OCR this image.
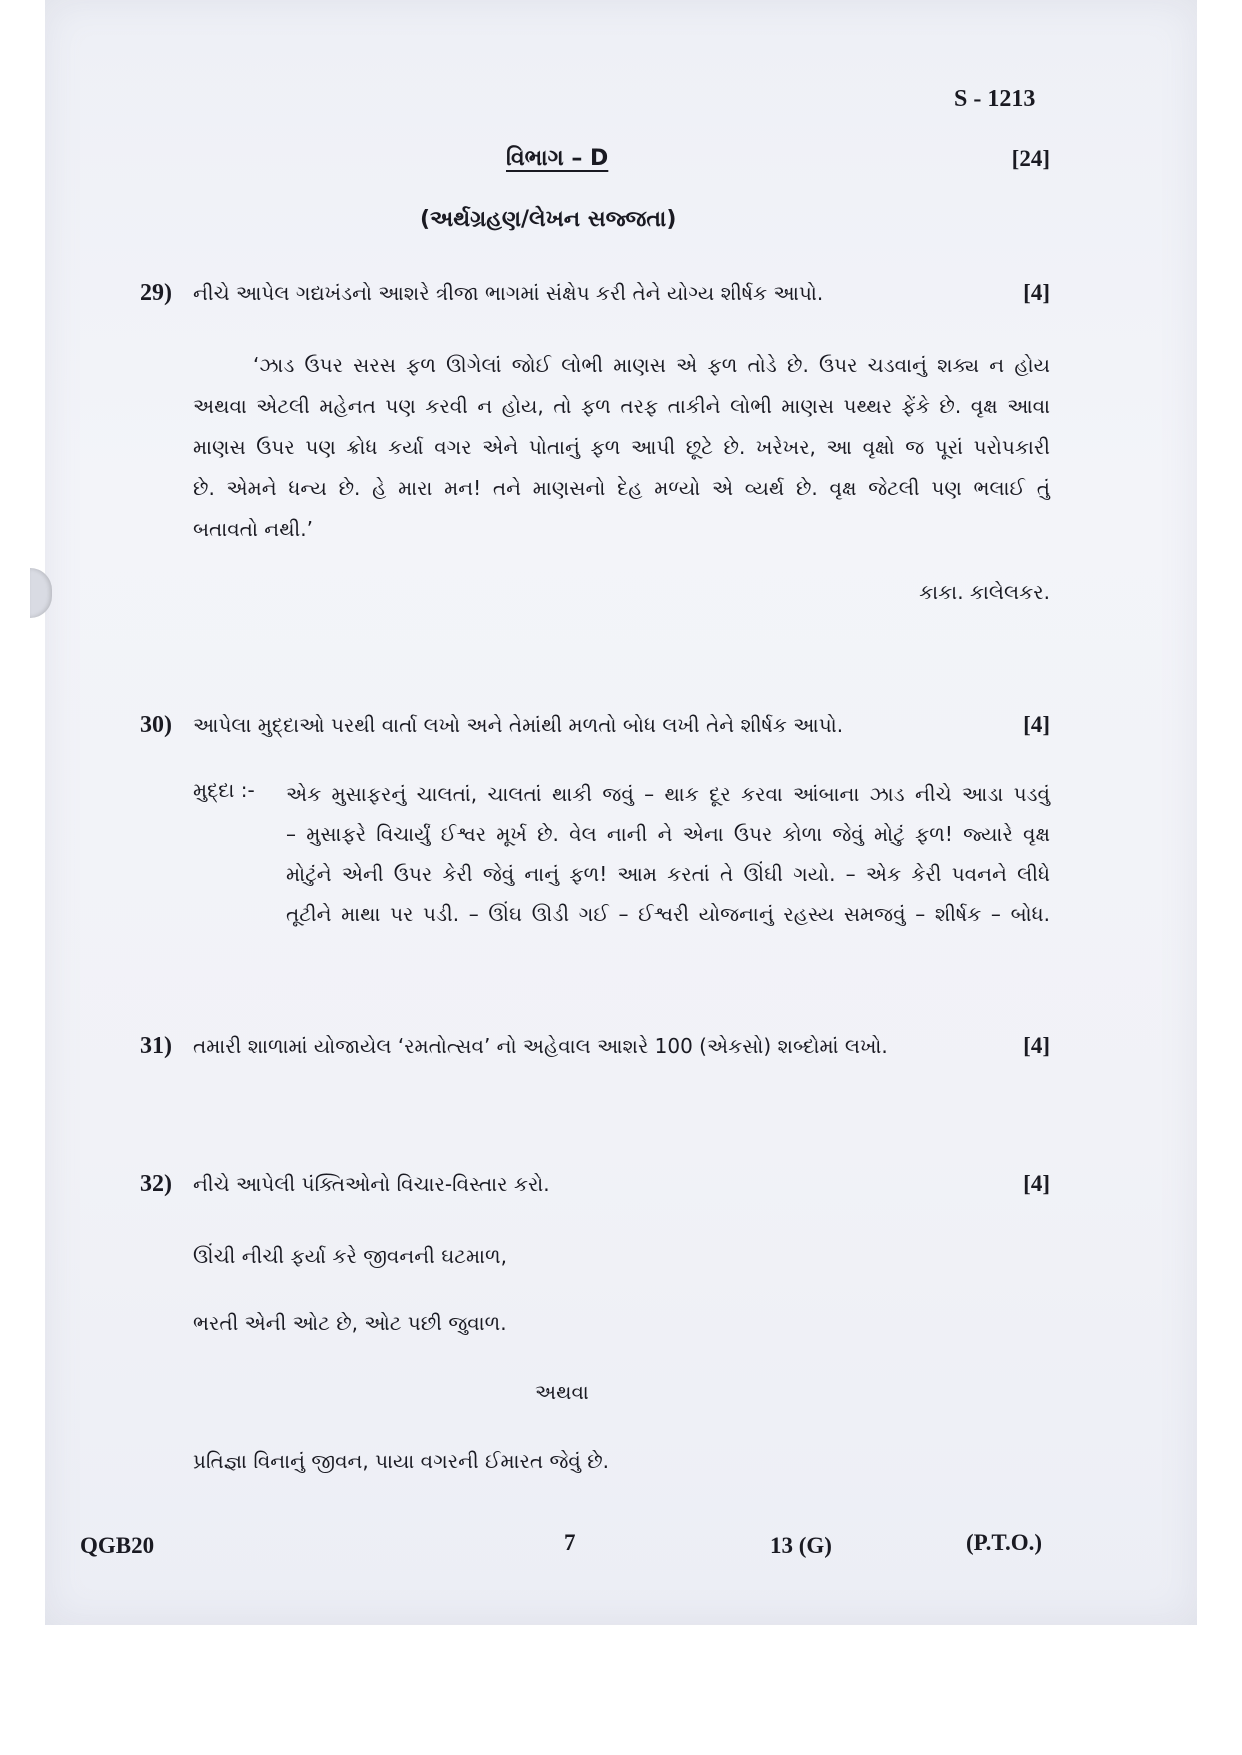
S - 1213
વિભાગ – D	[24]
(અર્થગ્રહણ/લેખન સજ્જતા)
29) નીચે આપેલ ગદ્યખંડનો આશરે ત્રીજા ભાગમાં સંક્ષેપ કરી તેને યોગ્ય શીર્ષક આપો.	[4]
‘ઝાડ ઉપર સરસ ફળ ઊગેલાં જોઈ લોભી માણસ એ ફળ તોડે છે. ઉપર ચડવાનું શક્ય ન હોય
અથવા એટલી મહેનત પણ કરવી ન હોય, તો ફળ તરફ તાકીને લોભી માણસ પથ્થર ફેંકે છે. વૃક્ષ આવા
માણસ ઉપર પણ ક્રોધ કર્યા વગર એને પોતાનું ફળ આપી છૂટે છે. ખરેખર, આ વૃક્ષો જ પૂરાં પરોપકારી
છે. એમને ધન્ય છે. હે મારા મન! તને માણસનો દેહ મળ્યો એ વ્યર્થ છે. વૃક્ષ જેટલી પણ ભલાઈ તું
બતાવતો નથી.’
કાકા. કાલેલકર.
30) આપેલા મુદ્દાઓ પરથી વાર્તા લખો અને તેમાંથી મળતો બોધ લખી તેને શીર્ષક આપો.	[4]
મુદ્દા :- એક મુસાફરનું ચાલતાં, ચાલતાં થાકી જવું – થાક દૂર કરવા આંબાના ઝાડ નીચે આડા પડવું
– મુસાફરે વિચાર્યું ઈશ્વર મૂર્ખ છે. વેલ નાની ને એના ઉપર કોળા જેવું મોટું ફળ! જ્યારે વૃક્ષ
મોટુંને એની ઉપર કેરી જેવું નાનું ફળ! આમ કરતાં તે ઊંઘી ગયો. – એક કેરી પવનને લીધે
તૂટીને માથા પર પડી. – ઊંઘ ઊડી ગઈ – ઈશ્વરી યોજનાનું રહસ્ય સમજવું – શીર્ષક – બોધ.
31) તમારી શાળામાં યોજાયેલ ‘રમતોત્સવ’ નો અહેવાલ આશરે 100 (એકસો) શબ્દોમાં લખો.	[4]
32) નીચે આપેલી પંક્તિઓનો વિચાર-વિસ્તાર કરો.	[4]
ઊંચી નીચી ફર્યા કરે જીવનની ઘટમાળ,
ભરતી એની ઓટ છે, ઓટ પછી જુવાળ.
અથવા
પ્રતિજ્ઞા વિનાનું જીવન, પાયા વગરની ઈમારત જેવું છે.
QGB20	7	13 (G)	(P.T.O.)
